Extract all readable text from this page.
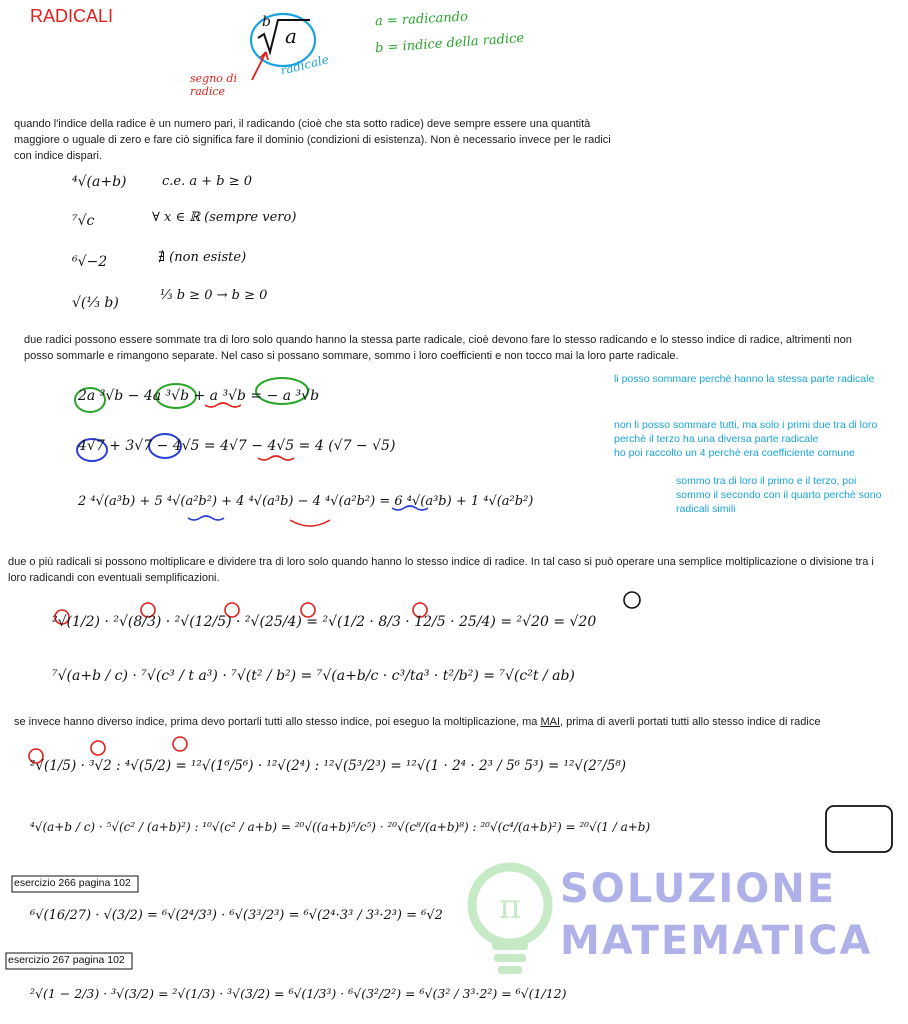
RADICALI	b
a
segno di radice
radicale
a = radicando
b = indice della radice
quando l'indice della radice è un numero pari, il radicando (cioè che sta sotto radice) deve sempre essere una quantità maggiore o uguale di zero e fare ciò significa fare il dominio (condizioni di esistenza). Non è necessario invece per le radici con indice dispari.
⁴√(a+b)	c.e. a + b ≥ 0
⁷√c	∀ x ∈ ℝ (sempre vero)
⁶√−2	∄ (non esiste)
√(⅓ b)	⅓ b ≥ 0 → b ≥ 0
due radici possono essere sommate tra di loro solo quando hanno la stessa parte radicale, cioè devono fare lo stesso radicando e lo stesso indice di radice, altrimenti non posso sommarle e rimangono separate. Nel caso si possano sommare, sommo i loro coefficienti e non tocco mai la loro parte radicale.
2a ³√b − 4a ³√b + a ³√b = − a ³√b
li posso sommare perchè hanno la stessa parte radicale
4√7 + 3√7 − 4√5 = 4√7 − 4√5 = 4 (√7 − √5)
non li posso sommare tutti, ma solo i primi due tra di loro
perchè il terzo ha una diversa parte radicale
ho poi raccolto un 4 perchè era coefficiente comune
2 ⁴√(a³b) + 5 ⁴√(a²b²) + 4 ⁴√(a³b) − 4 ⁴√(a²b²) = 6 ⁴√(a³b) + 1 ⁴√(a²b²)
sommo tra di loro il primo e il terzo, poi
sommo il secondo con il quarto perchè sono
radicali simili
due o più radicali si possono moltiplicare e dividere tra di loro solo quando hanno lo stesso indice di radice. In tal caso si può operare una semplice moltiplicazione o divisione tra i loro radicandi con eventuali semplificazioni.
²√(1/2) · ²√(8/3) · ²√(12/5) · ²√(25/4) = ²√(1/2 · 8/3 · 12/5 · 25/4) = ²√20 = √20
⁷√(a+b / c) · ⁷√(c³ / t a³) · ⁷√(t² / b²) = ⁷√(a+b/c · c³/ta³ · t²/b²) = ⁷√(c²t / ab)
se invece hanno diverso indice, prima devo portarli tutti allo stesso indice, poi eseguo la moltiplicazione, ma MAI, prima di averli portati tutti allo stesso indice di radice
²√(1/5) · ³√2 : ⁴√(5/2) = ¹²√(1⁶/5⁶) · ¹²√(2⁴) : ¹²√(5³/2³) = ¹²√(1 · 2⁴ · 2³ / 5⁶ 5³) = ¹²√(2⁷/5⁸)
⁴√(a+b / c) · ⁵√(c² / (a+b)²) : ¹⁰√(c² / a+b) = ²⁰√((a+b)⁵/c⁵) · ²⁰√(c⁸/(a+b)⁸) : ²⁰√(c⁴/(a+b)²) = ²⁰√(1 / a+b)
π SOLUZIONE
MATEMATICA
esercizio 266 pagina 102
⁶√(16/27) · √(3/2) = ⁶√(2⁴/3³) · ⁶√(3³/2³) = ⁶√(2⁴·3³ / 3³·2³) = ⁶√2
esercizio 267 pagina 102
²√(1 − 2/3) · ³√(3/2) = ²√(1/3) · ³√(3/2) = ⁶√(1/3³) · ⁶√(3²/2²) = ⁶√(3² / 3³·2²) = ⁶√(1/12)
